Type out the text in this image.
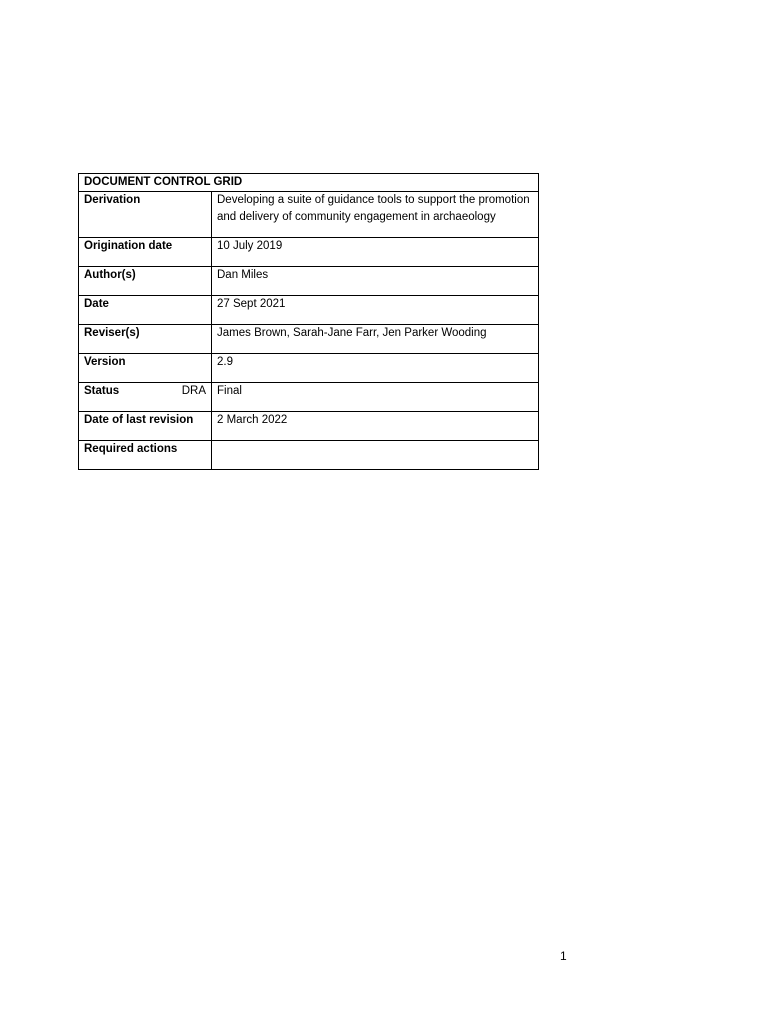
DOCUMENT CONTROL GRID	

Derivation	Developing a suite of guidance tools to support the promotion and delivery of community engagement in archaeology

Origination date	10 July 2019

Author(s)	Dan Miles

Date	27 Sept 2021

Reviser(s)	James Brown, Sarah-Jane Farr, Jen Parker Wooding

Version	2.9

Status DRA	Final

Date of last revision	2 March 2022

Required actions	

1
